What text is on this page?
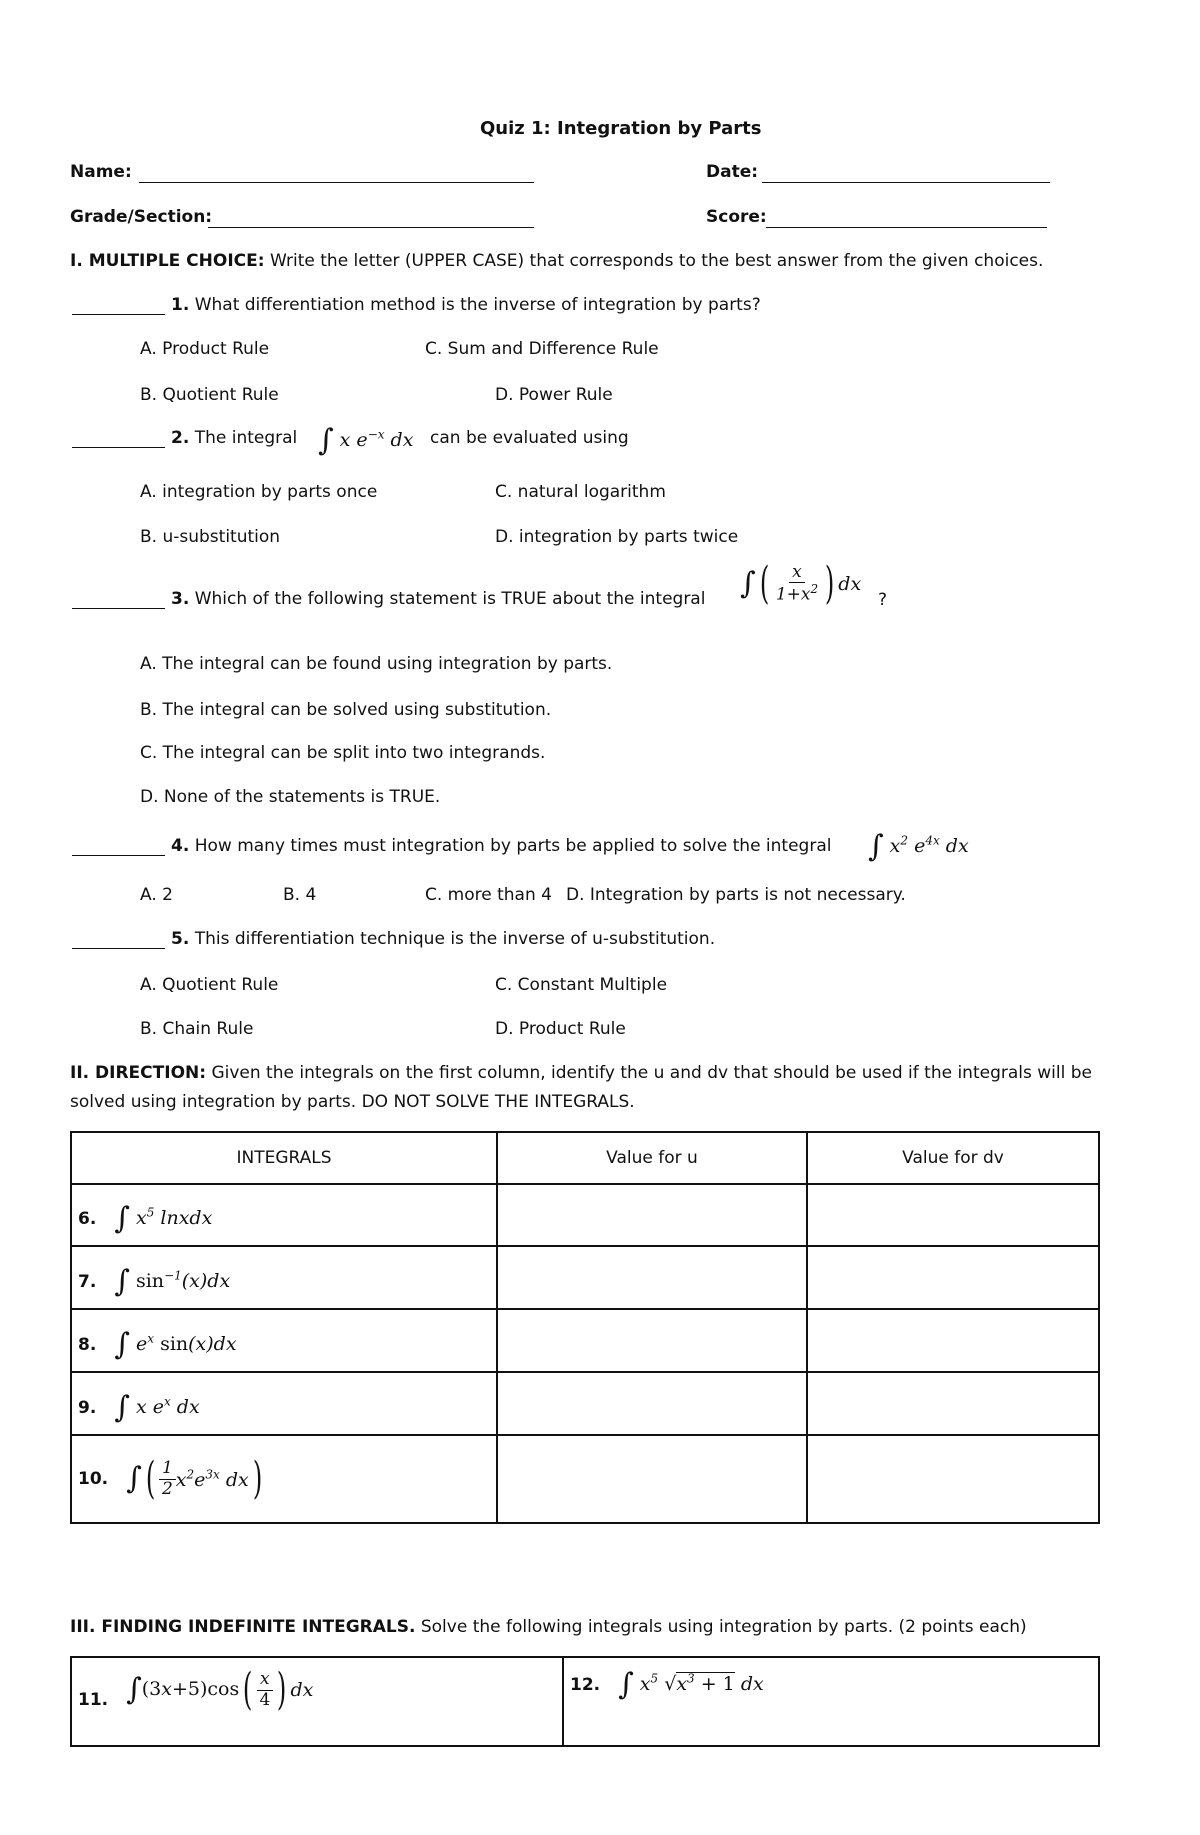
Quiz 1: Integration by Parts
Name:	Date:
Grade/Section:	Score:
I. MULTIPLE CHOICE: Write the letter (UPPER CASE) that corresponds to the best answer from the given choices.
1. What differentiation method is the inverse of integration by parts?
A. Product Rule	C. Sum and Difference Rule
B. Quotient Rule	D. Power Rule
2. The integral ∫ x $e^{-x}$ dx can be evaluated using
A. integration by parts once	C. natural logarithm
B. u-substitution	D. integration by parts twice
3. Which of the following statement is TRUE about the integral ∫( $\frac{x}{1+x^2}$ ) dx
?
A. The integral can be found using integration by parts.
B. The integral can be solved using substitution.
C. The integral can be split into two integrands.
D. None of the statements is TRUE.
4. How many times must integration by parts be applied to solve the integral ∫ $x^2$ $e^{4x}$ dx
A. 2	B. 4	C. more than 4 D. Integration by parts is not necessary.
5. This differentiation technique is the inverse of u-substitution.
A. Quotient Rule	C. Constant Multiple
B. Chain Rule	D. Product Rule
II. DIRECTION: Given the integrals on the first column, identify the u and dv that should be used if the integrals will be
solved using integration by parts. DO NOT SOLVE THE INTEGRALS.
INTEGRALS	Value for u	Value for dv
6. ∫ $x^5$ lnxdx		
7. ∫ $\sin^{-1}(x)dx$		
8. ∫ $e^x$ sin(x)dx		
9. ∫ x $e^x$ dx		
10. ∫( $\frac{1}{2} x^2e^{3x}$ dx)		
III. FINDING INDEFINITE INTEGRALS. Solve the following integrals using integration by parts. (2 points each)
11. $\int(3x+5)\cos( \frac{x}{4}$ ) dx	12. ∫ $x^5$ $√x^3 + 1$ dx
